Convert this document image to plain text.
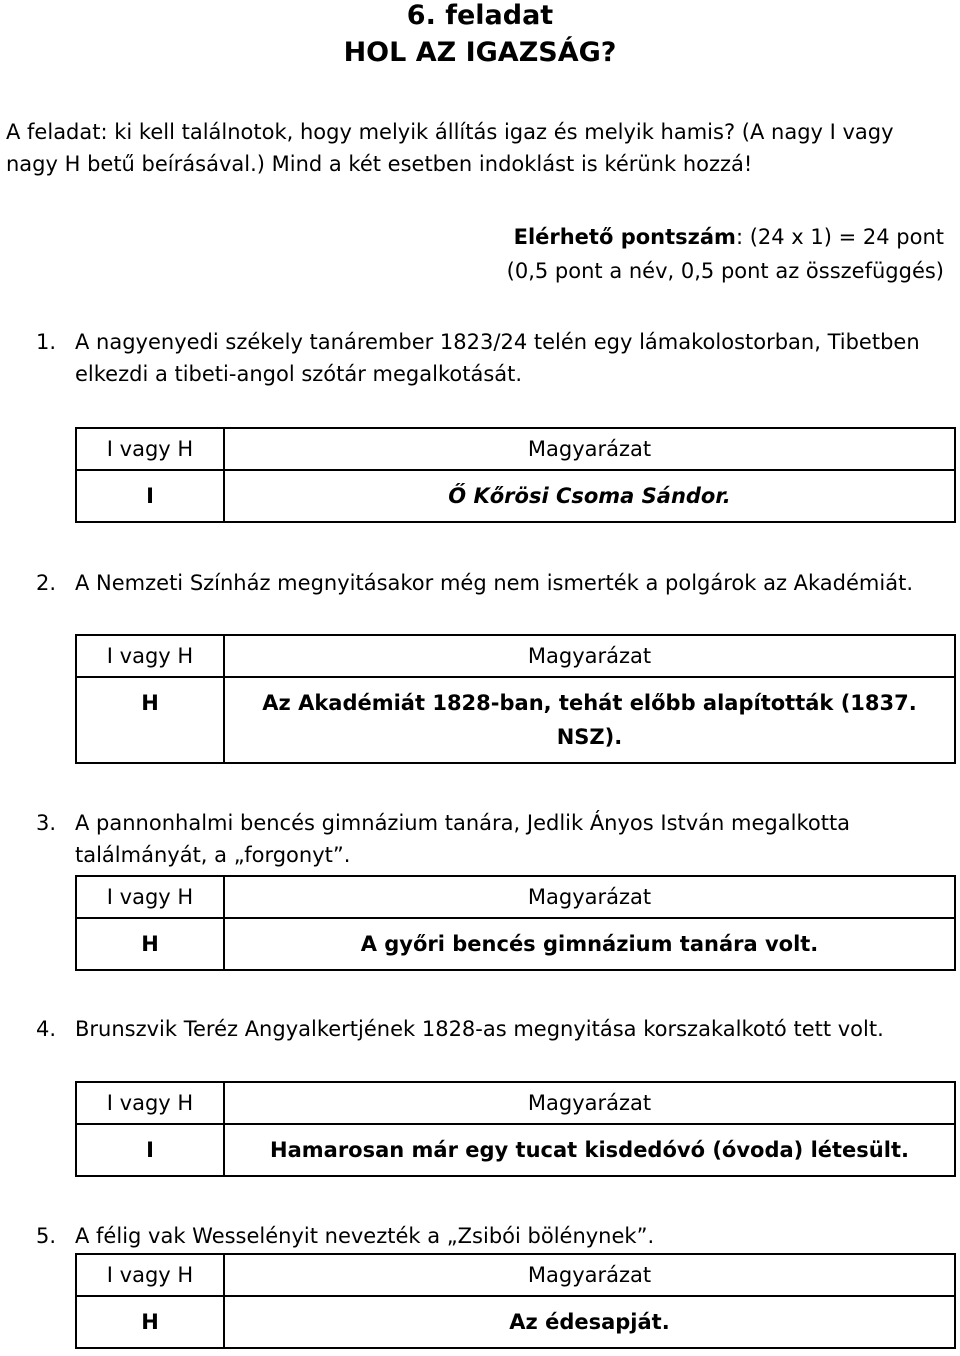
6. feladat
HOL AZ IGAZSÁG?
A feladat: ki kell találnotok, hogy melyik állítás igaz és melyik hamis? (A nagy I vagy nagy H betű beírásával.) Mind a két esetben indoklást is kérünk hozzá!
Elérhető pontszám: (24 x 1) = 24 pont
(0,5 pont a név, 0,5 pont az összefüggés)
1. A nagyenyedi székely tanárember 1823/24 telén egy lámakolostorban, Tibetben elkezdi a tibeti-angol szótár megalkotását.
I vagy H	Magyarázat
I	Ő Kőrösi Csoma Sándor.
2. A Nemzeti Színház megnyitásakor még nem ismerték a polgárok az Akadémiát.
I vagy H	Magyarázat
H	Az Akadémiát 1828-ban, tehát előbb alapították (1837. NSZ).
3. A pannonhalmi bencés gimnázium tanára, Jedlik Ányos István megalkotta találmányát, a „forgonyt”.
I vagy H	Magyarázat
H	A győri bencés gimnázium tanára volt.
4. Brunszvik Teréz Angyalkertjének 1828-as megnyitása korszakalkotó tett volt.
I vagy H	Magyarázat
I	Hamarosan már egy tucat kisdedóvó (óvoda) létesült.
5. A félig vak Wesselényit nevezték a „Zsibói bölénynek”.
I vagy H	Magyarázat
H	Az édesapját.
